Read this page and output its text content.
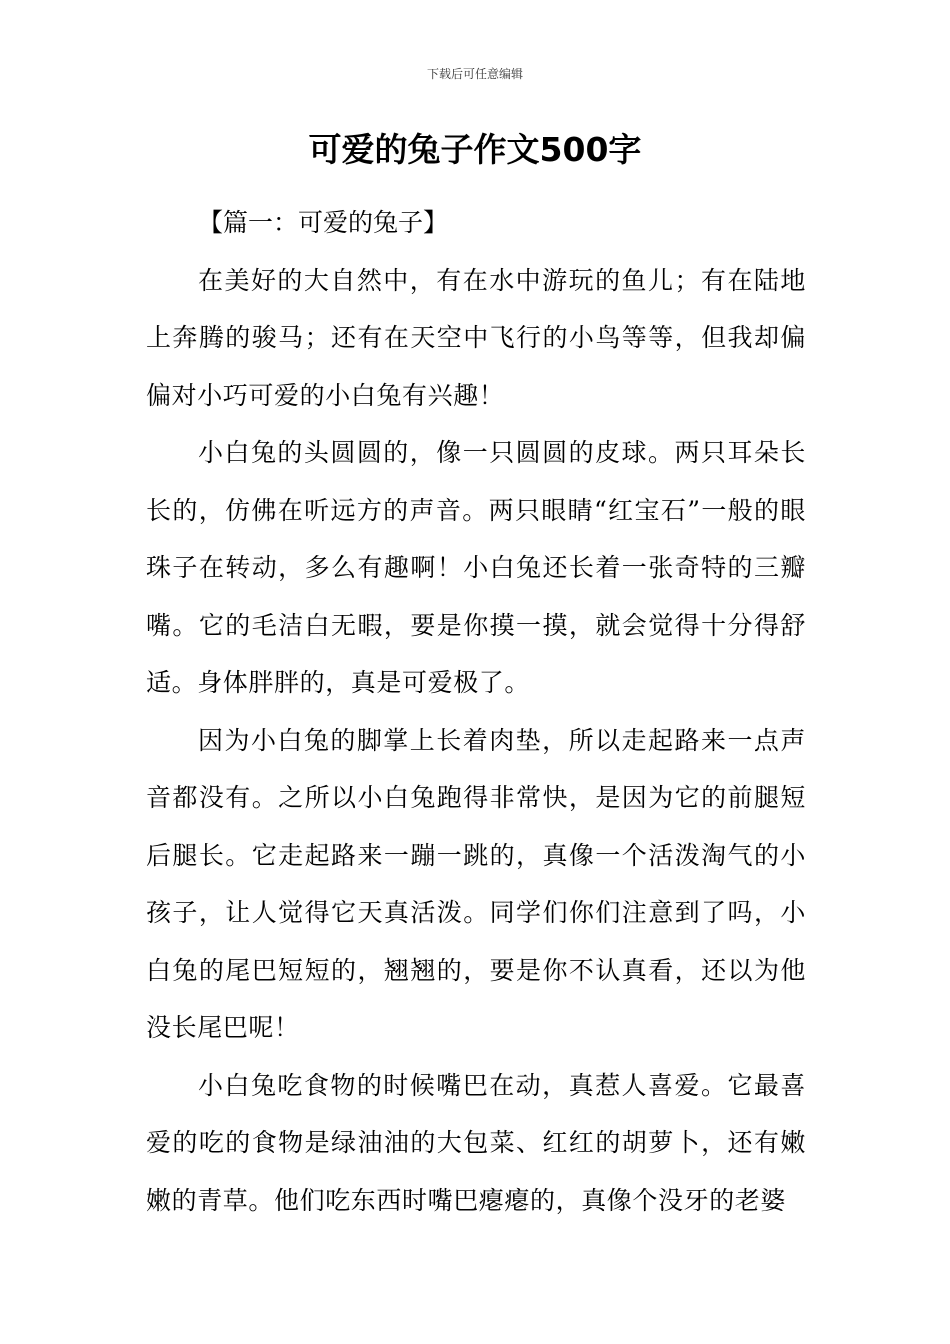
下载后可任意编辑
可爱的兔子作文500字

【篇一：可爱的兔子】

在美好的大自然中，有在水中游玩的鱼儿；有在陆地上奔腾的骏马；还有在天空中飞行的小鸟等等，但我却偏偏对小巧可爱的小白兔有兴趣！

小白兔的头圆圆的，像一只圆圆的皮球。两只耳朵长长的，仿佛在听远方的声音。两只眼睛“红宝石”一般的眼珠子在转动，多么有趣啊！小白兔还长着一张奇特的三瓣嘴。它的毛洁白无暇，要是你摸一摸，就会觉得十分得舒适。身体胖胖的，真是可爱极了。

因为小白兔的脚掌上长着肉垫，所以走起路来一点声音都没有。之所以小白兔跑得非常快，是因为它的前腿短后腿长。它走起路来一蹦一跳的，真像一个活泼淘气的小孩子，让人觉得它天真活泼。同学们你们注意到了吗，小白兔的尾巴短短的，翘翘的，要是你不认真看，还以为他没长尾巴呢！

小白兔吃食物的时候嘴巴在动，真惹人喜爱。它最喜爱的吃的食物是绿油油的大包菜、红红的胡萝卜，还有嫩嫩的青草。他们吃东西时嘴巴瘪瘪的，真像个没牙的老婆
